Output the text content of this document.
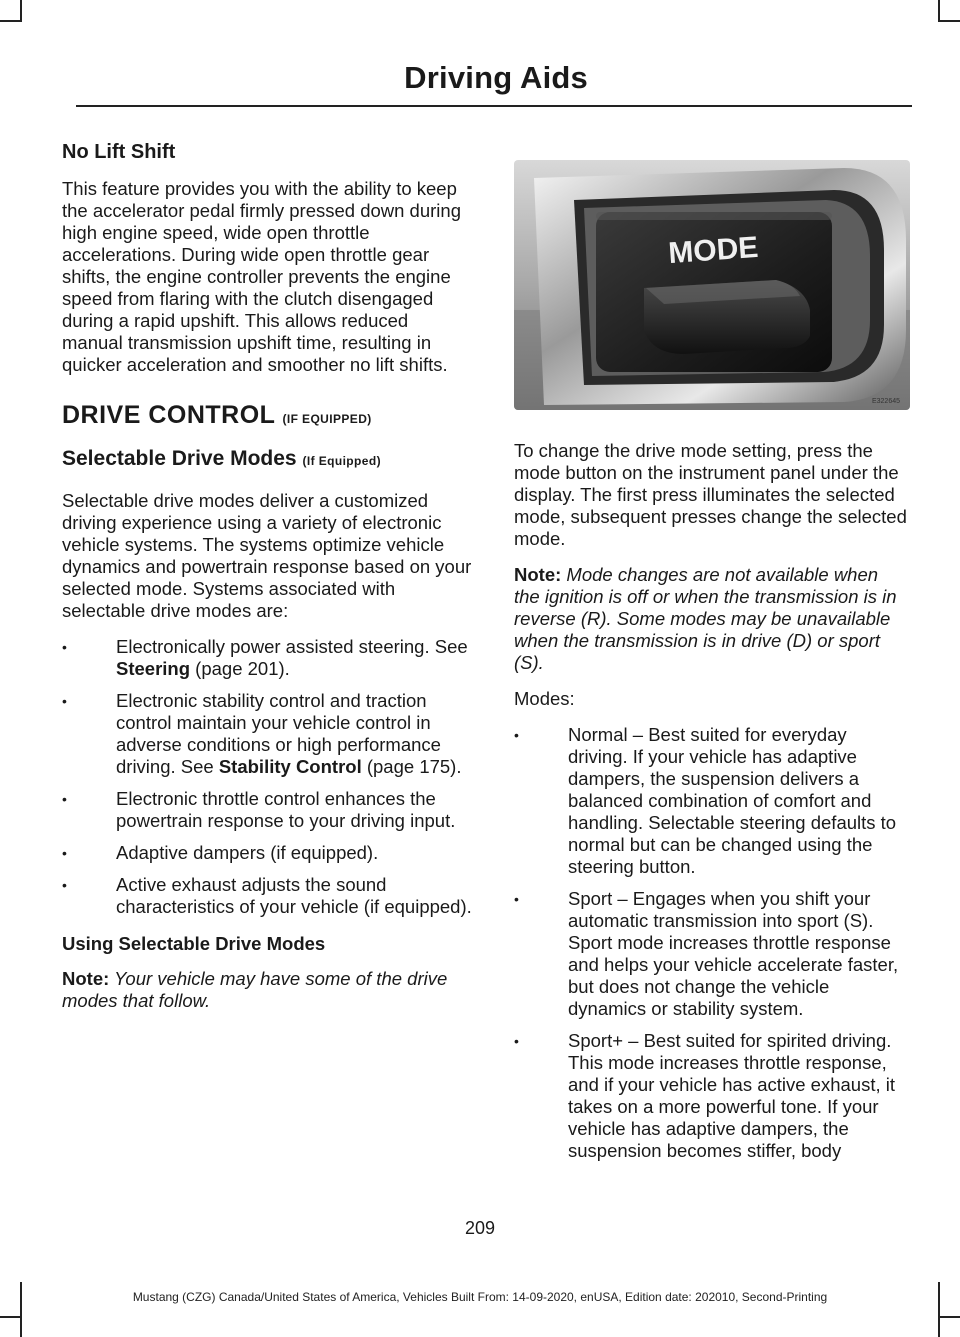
Driving Aids
No Lift Shift

This feature provides you with the ability to keep the accelerator pedal firmly pressed down during high engine speed, wide open throttle accelerations. During wide open throttle gear shifts, the engine controller prevents the engine speed from flaring with the clutch disengaged during a rapid upshift. This allows reduced manual transmission upshift time, resulting in quicker acceleration and smoother no lift shifts.

DRIVE CONTROL (IF EQUIPPED)
Selectable Drive Modes (If Equipped)

Selectable drive modes deliver a customized driving experience using a variety of electronic vehicle systems. The systems optimize vehicle dynamics and powertrain response based on your selected mode. Systems associated with selectable drive modes are:

• Electronically power assisted steering. See Steering (page 201).
• Electronic stability control and traction control maintain your vehicle control in adverse conditions or high performance driving. See Stability Control (page 175).
• Electronic throttle control enhances the powertrain response to your driving input.
• Adaptive dampers (if equipped).
• Active exhaust adjusts the sound characteristics of your vehicle (if equipped).
Using Selectable Drive Modes

Note: Your vehicle may have some of the drive modes that follow.

MODE
E322645

To change the drive mode setting, press the mode button on the instrument panel under the display. The first press illuminates the selected mode, subsequent presses change the selected mode.

Note: Mode changes are not available when the ignition is off or when the transmission is in reverse (R). Some modes may be unavailable when the transmission is in drive (D) or sport (S).

Modes:

• Normal – Best suited for everyday driving. If your vehicle has adaptive dampers, the suspension delivers a balanced combination of comfort and handling. Selectable steering defaults to normal but can be changed using the steering button.
• Sport – Engages when you shift your automatic transmission into sport (S). Sport mode increases throttle response and helps your vehicle accelerate faster, but does not change the vehicle dynamics or stability system.
• Sport+ – Best suited for spirited driving. This mode increases throttle response, and if your vehicle has active exhaust, it takes on a more powerful tone. If your vehicle has adaptive dampers, the suspension becomes stiffer, body
209
Mustang (CZG) Canada/United States of America, Vehicles Built From: 14-09-2020, enUSA, Edition date: 202010, Second-Printing
